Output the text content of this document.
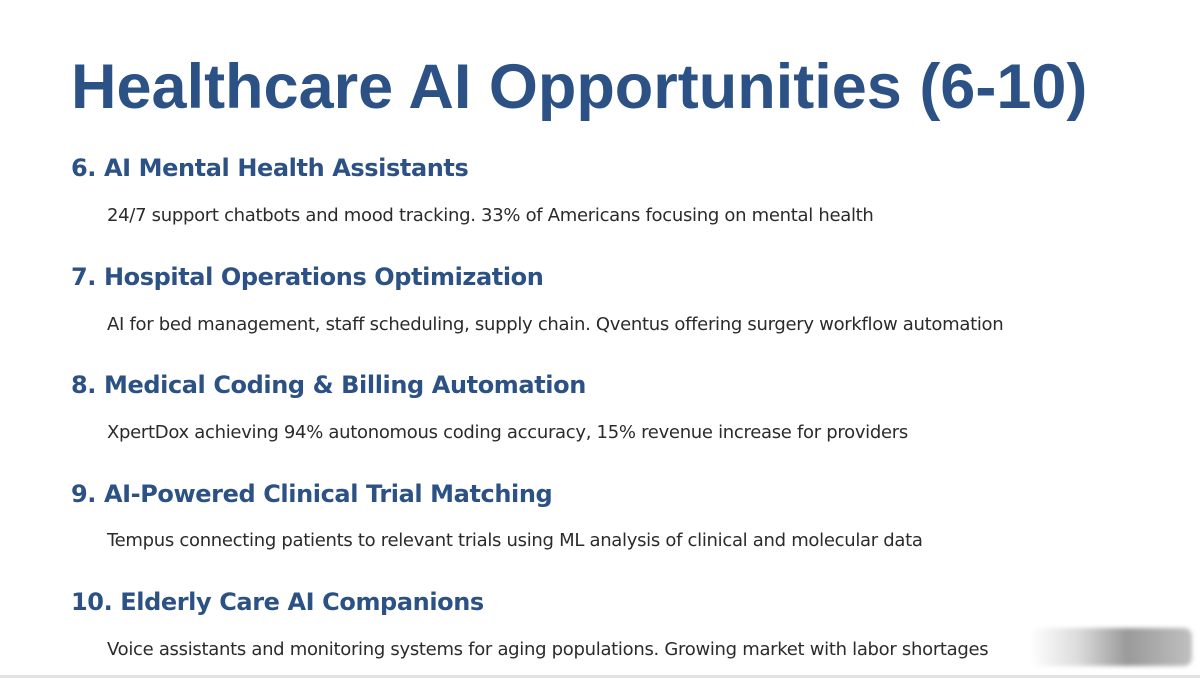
Healthcare AI Opportunities (6-10)
6. AI Mental Health Assistants

24/7 support chatbots and mood tracking. 33% of Americans focusing on mental health

7. Hospital Operations Optimization

AI for bed management, staff scheduling, supply chain. Qventus offering surgery workflow automation

8. Medical Coding & Billing Automation

XpertDox achieving 94% autonomous coding accuracy, 15% revenue increase for providers

9. AI-Powered Clinical Trial Matching

Tempus connecting patients to relevant trials using ML analysis of clinical and molecular data

10. Elderly Care AI Companions

Voice assistants and monitoring systems for aging populations. Growing market with labor shortages
